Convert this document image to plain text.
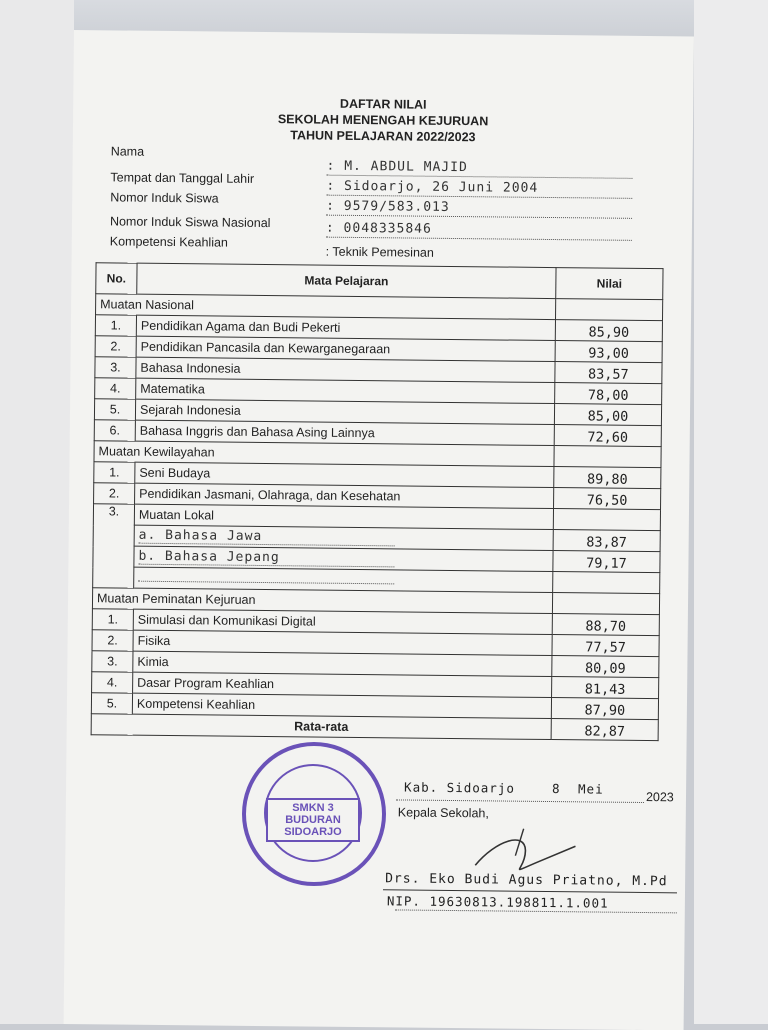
DAFTAR NILAI
SEKOLAH MENENGAH KEJURUAN
TAHUN PELAJARAN 2022/2023
Nama
: M. ABDUL MAJID
Tempat dan Tanggal Lahir
: Sidoarjo, 26 Juni 2004
Nomor Induk Siswa
: 9579/583.013
Nomor Induk Siswa Nasional	: 0048335846
Kompetensi Keahlian
: Teknik Pemesinan
No.	Mata Pelajaran	Nilai
Muatan Nasional		
1.	Pendidikan Agama dan Budi Pekerti	85,90
2.	Pendidikan Pancasila dan Kewarganegaraan	93,00
3.	Bahasa Indonesia	83,57
4.	Matematika	78,00
5.	Sejarah Indonesia	85,00
6.	Bahasa Inggris dan Bahasa Asing Lainnya	72,60
Muatan Kewilayahan		
1.	Seni Budaya	89,80
2.	Pendidikan Jasmani, Olahraga, dan Kesehatan	76,50
3.	Muatan Lokal	
	a. Bahasa Jawa	83,87
	b. Bahasa Jepang	79,17

Muatan Peminatan Kejuruan		
1.	Simulasi dan Komunikasi Digital	88,70
2.	Fisika	77,57
3.	Kimia	80,09
4.	Dasar Program Keahlian	81,43
5.	Kompetensi Keahlian	87,90
Rata-rata		82,87
Kab. Sidoarjo	8 Mei
2023
Kepala Sekolah,
Drs. Eko Budi Agus Priatno, M.Pd
NIP. 19630813.198811.1.001
SMKN 3 BUDURAN
SIDOARJO
